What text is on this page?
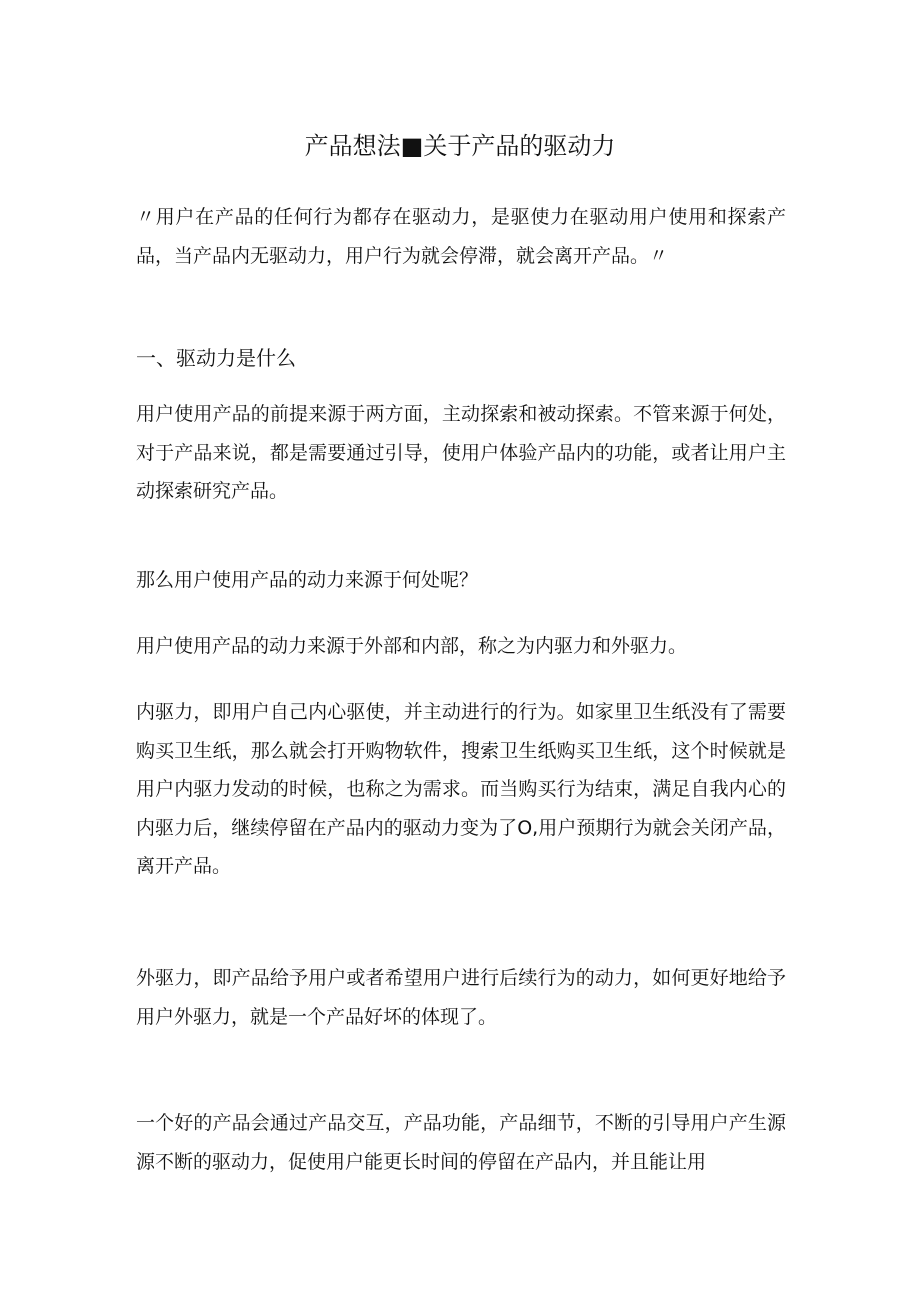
产品想法■关于产品的驱动力
〃用户在产品的任何行为都存在驱动力，是驱使力在驱动用户使用和探索产品，当产品内无驱动力，用户行为就会停滞，就会离开产品。〃
一、驱动力是什么
用户使用产品的前提来源于两方面，主动探索和被动探索。不管来源于何处，对于产品来说，都是需要通过引导，使用户体验产品内的功能，或者让用户主动探索研究产品。
那么用户使用产品的动力来源于何处呢？
用户使用产品的动力来源于外部和内部，称之为内驱力和外驱力。
内驱力，即用户自己内心驱使，并主动进行的行为。如家里卫生纸没有了需要购买卫生纸，那么就会打开购物软件，搜索卫生纸购买卫生纸，这个时候就是用户内驱力发动的时候，也称之为需求。而当购买行为结束，满足自我内心的内驱力后，继续停留在产品内的驱动力变为了O,用户预期行为就会关闭产品，离开产品。
外驱力，即产品给予用户或者希望用户进行后续行为的动力，如何更好地给予用户外驱力，就是一个产品好坏的体现了。
一个好的产品会通过产品交互，产品功能，产品细节，不断的引导用户产生源源不断的驱动力，促使用户能更长时间的停留在产品内，并且能让用
